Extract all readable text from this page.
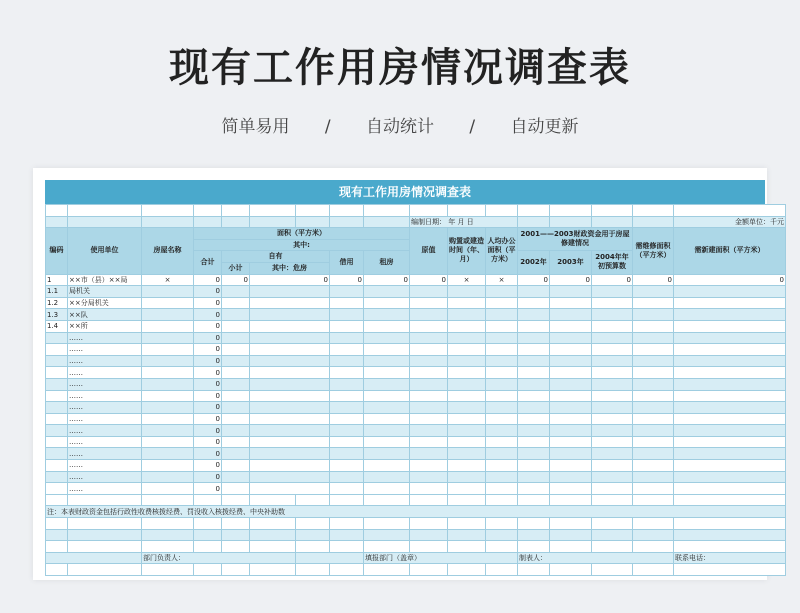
现有工作用房情况调查表
简单易用 / 自动统计 / 自动更新
现有工作用房情况调查表

									编制日期： 年 月 日							金额单位：千元	
编码	使用单位	房屋名称	面积（平方米）						原值	购置或建造时间（年、月）	人均办公面积（平方米）	2001——2003财政资金用于房屋修建情况			需维修面积（平方米）	需新建面积（平方米）	
			其中:														
			合计	自有			借用	租房				2002年	2003年	2004年年初预算数			
				小计	其中：危房												
1	××市（县）××局	×	0	0	0		0	0	0	×	×	0	0	0	0	0	
1.1	局机关		0														
1.2	××分局机关		0														
1.3	××队		0														
1.4	××所		0														
	……		0														
	……		0														
	……		0														
	……		0														
	……		0														
	……		0														
	……		0														
	……		0														
	……		0														
	……		0														
	……		0														
	……		0														
	……		0														
	……		0														

注：本表财政资金包括行政性收费核拨经费、罚没收入核拨经费、中央补助数																	

		部门负责人：						填报部门（盖章）				制表人：				联系电话：	
